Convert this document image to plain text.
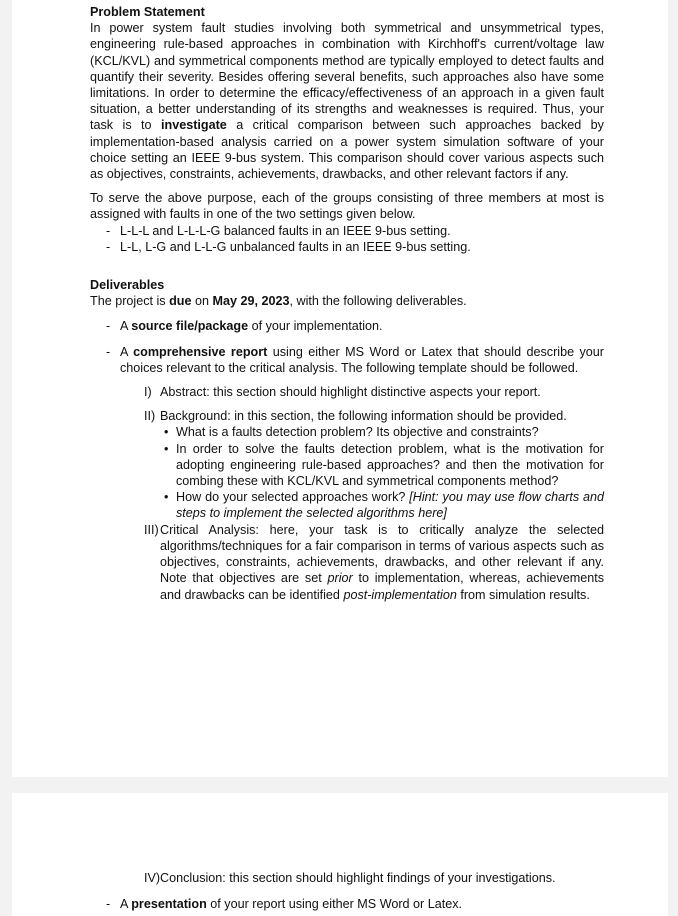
Problem Statement

In power system fault studies involving both symmetrical and unsymmetrical types, engineering rule-based approaches in combination with Kirchhoff's current/voltage law (KCL/KVL) and symmetrical components method are typically employed to detect faults and quantify their severity. Besides offering several benefits, such approaches also have some limitations. In order to determine the efficacy/effectiveness of an approach in a given fault situation, a better understanding of its strengths and weaknesses is required. Thus, your task is to investigate a critical comparison between such approaches backed by implementation-based analysis carried on a power system simulation software of your choice setting an IEEE 9-bus system. This comparison should cover various aspects such as objectives, constraints, achievements, drawbacks, and other relevant factors if any.

To serve the above purpose, each of the groups consisting of three members at most is assigned with faults in one of the two settings given below.

- L-L-L and L-L-L-G balanced faults in an IEEE 9-bus setting.
- L-L, L-G and L-L-G unbalanced faults in an IEEE 9-bus setting.

Deliverables

The project is due on May 29, 2023, with the following deliverables.

- A source file/package of your implementation.
- A comprehensive report using either MS Word or Latex that should describe your choices relevant to the critical analysis. The following template should be followed.
I) Abstract: this section should highlight distinctive aspects your report.
II) Background: in this section, the following information should be provided.
• What is a faults detection problem? Its objective and constraints?
• In order to solve the faults detection problem, what is the motivation for adopting engineering rule-based approaches? and then the motivation for combing these with KCL/KVL and symmetrical components method?
• How do your selected approaches work? [Hint: you may use flow charts and steps to implement the selected algorithms here]
III) Critical Analysis: here, your task is to critically analyze the selected algorithms/techniques for a fair comparison in terms of various aspects such as objectives, constraints, achievements, drawbacks, and other relevant if any. Note that objectives are set prior to implementation, whereas, achievements and drawbacks can be identified post-implementation from simulation results.
IV) Conclusion: this section should highlight findings of your investigations.
- A presentation of your report using either MS Word or Latex.
